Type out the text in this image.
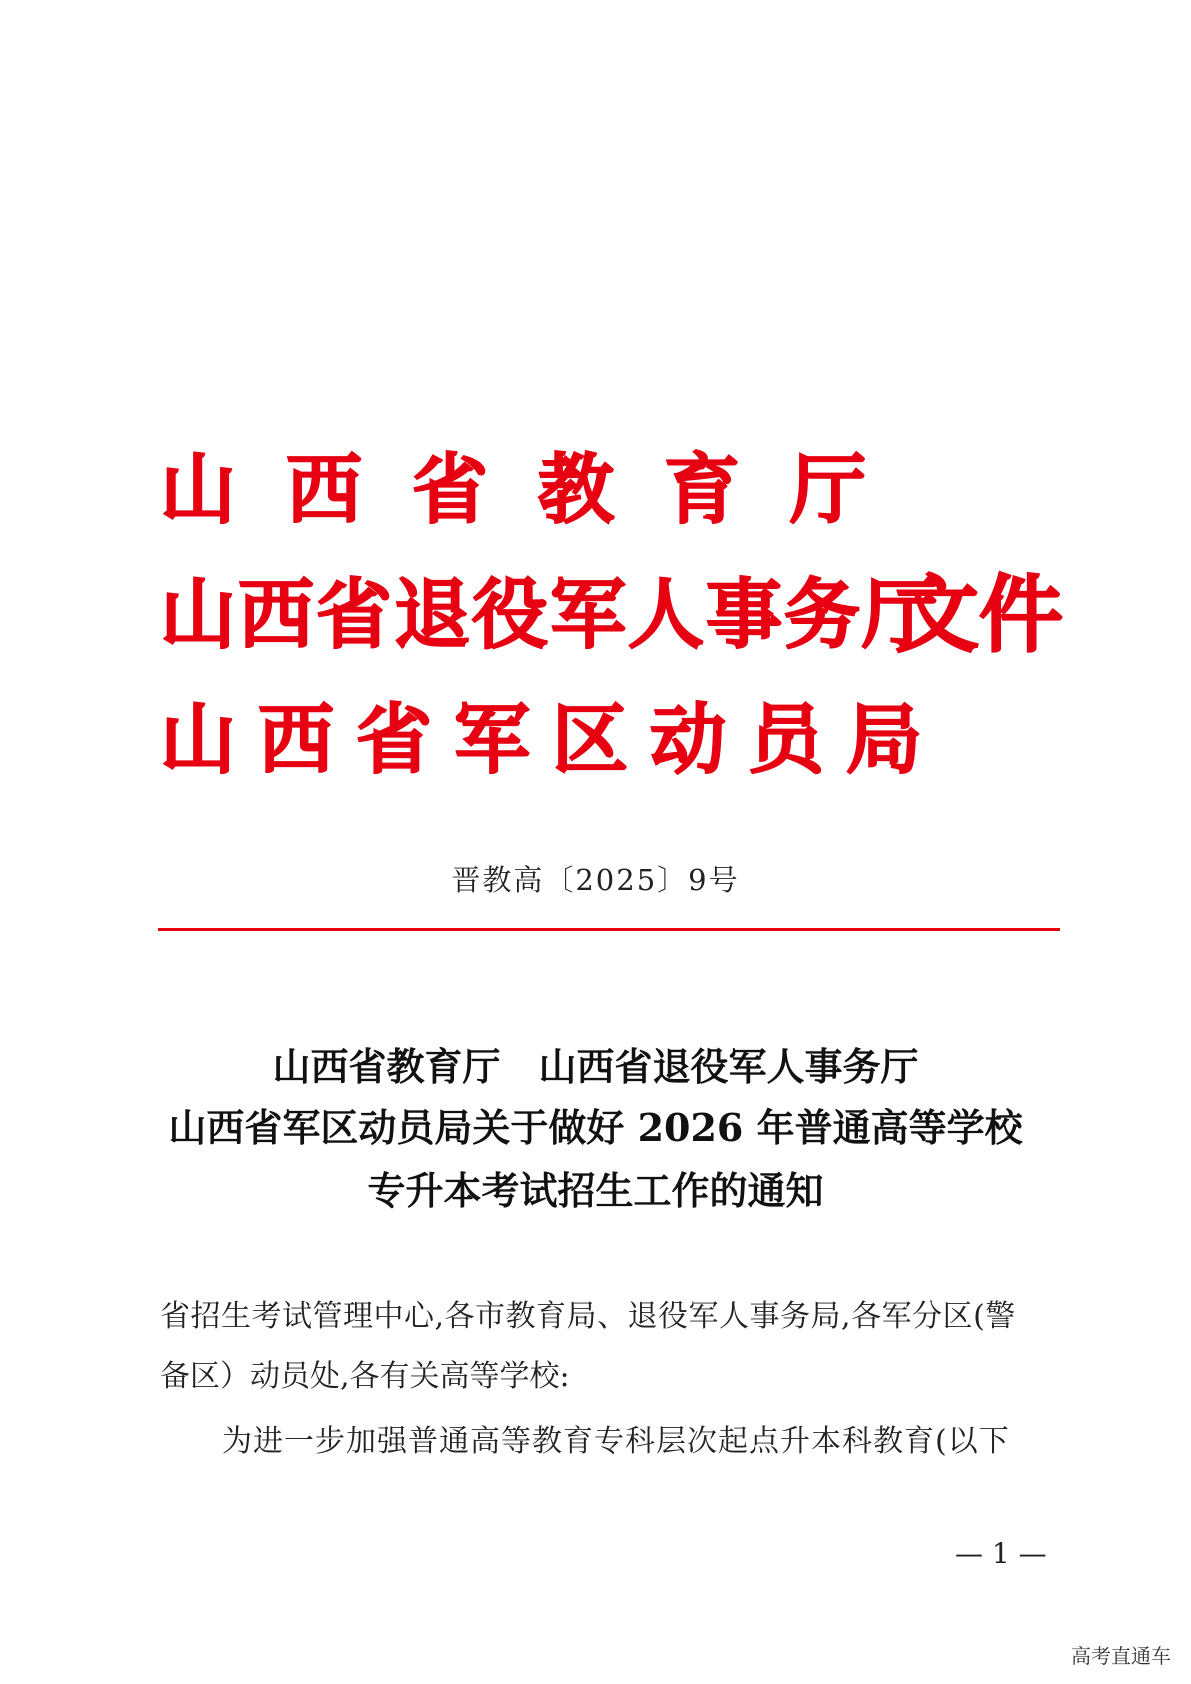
山西省教育厅
山西省退役军人事务厅
文件
山西省军区动员局
晋教高〔2025〕9号
山西省教育厅　山西省退役军人事务厅
山西省军区动员局关于做好 2026 年普通高等学校
专升本考试招生工作的通知
省招生考试管理中心,各市教育局、退役军人事务局,各军分区(警
备区）动员处,各有关高等学校:
为进一步加强普通高等教育专科层次起点升本科教育(以下
— 1 —
高考直通车
